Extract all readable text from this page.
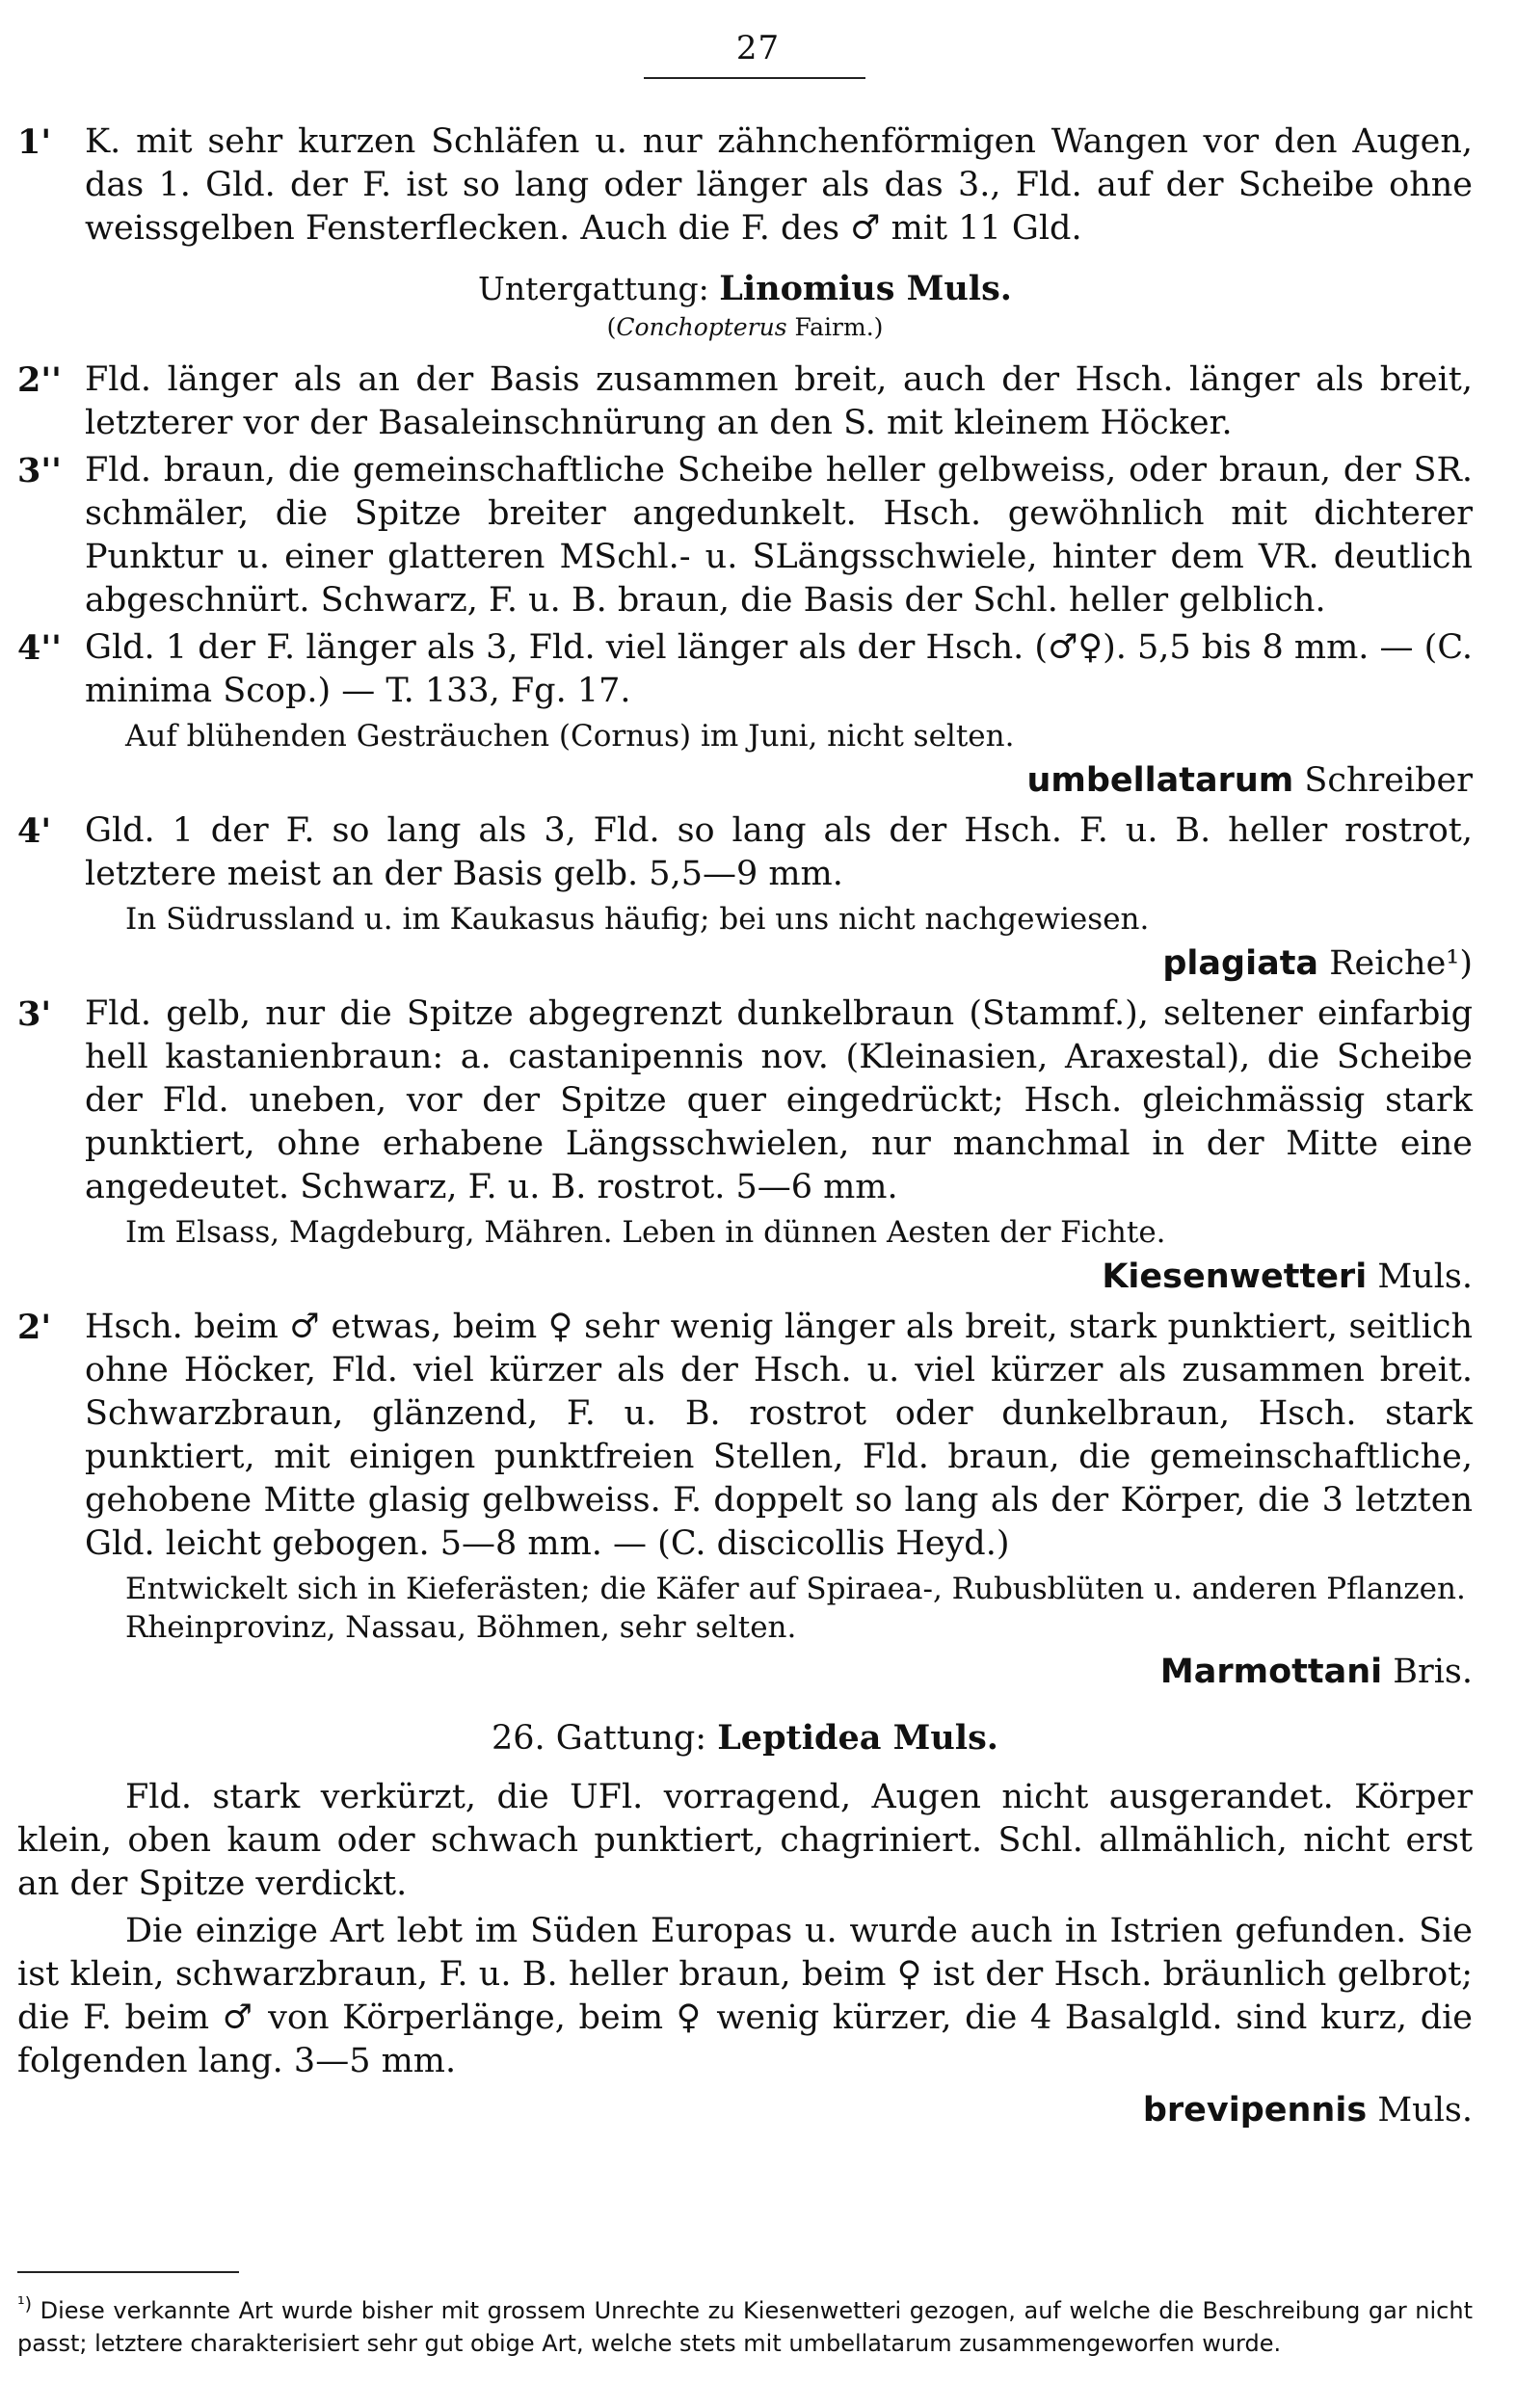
27
1' K. mit sehr kurzen Schläfen u. nur zähnchenförmigen Wangen vor den Augen, das 1. Gld. der F. ist so lang oder länger als das 3., Fld. auf der Scheibe ohne weissgelben Fensterflecken. Auch die F. des ♂ mit 11 Gld.
Untergattung: Linomius Muls.
(Conchopterus Fairm.)
2'' Fld. länger als an der Basis zusammen breit, auch der Hsch. länger als breit, letzterer vor der Basaleinschnürung an den S. mit kleinem Höcker.
3'' Fld. braun, die gemeinschaftliche Scheibe heller gelbweiss, oder braun, der SR. schmäler, die Spitze breiter angedunkelt. Hsch. gewöhnlich mit dichterer Punktur u. einer glatteren MSchl.- u. SLängsschwiele, hinter dem VR. deutlich abgeschnürt. Schwarz, F. u. B. braun, die Basis der Schl. heller gelblich.
4'' Gld. 1 der F. länger als 3, Fld. viel länger als der Hsch. (♂♀). 5,5 bis 8 mm. — (C. minima Scop.) — T. 133, Fg. 17.
Auf blühenden Gesträuchen (Cornus) im Juni, nicht selten.
umbellatarum Schreiber
4' Gld. 1 der F. so lang als 3, Fld. so lang als der Hsch. F. u. B. heller rostrot, letztere meist an der Basis gelb. 5,5—9 mm.
In Südrussland u. im Kaukasus häufig; bei uns nicht nachgewiesen.
plagiata Reiche¹)
3' Fld. gelb, nur die Spitze abgegrenzt dunkelbraun (Stammf.), seltener einfarbig hell kastanienbraun: a. castanipennis nov. (Kleinasien, Araxestal), die Scheibe der Fld. uneben, vor der Spitze quer eingedrückt; Hsch. gleichmässig stark punktiert, ohne erhabene Längsschwielen, nur manchmal in der Mitte eine angedeutet. Schwarz, F. u. B. rostrot. 5—6 mm.
Im Elsass, Magdeburg, Mähren. Leben in dünnen Aesten der Fichte.
Kiesenwetteri Muls.
2' Hsch. beim ♂ etwas, beim ♀ sehr wenig länger als breit, stark punktiert, seitlich ohne Höcker, Fld. viel kürzer als der Hsch. u. viel kürzer als zusammen breit. Schwarzbraun, glänzend, F. u. B. rostrot oder dunkelbraun, Hsch. stark punktiert, mit einigen punktfreien Stellen, Fld. braun, die gemeinschaftliche, gehobene Mitte glasig gelbweiss. F. doppelt so lang als der Körper, die 3 letzten Gld. leicht gebogen. 5—8 mm. — (C. discicollis Heyd.)
Entwickelt sich in Kieferästen; die Käfer auf Spiraea-, Rubusblüten u. anderen Pflanzen. Rheinprovinz, Nassau, Böhmen, sehr selten.
Marmottani Bris.
26. Gattung: Leptidea Muls.
Fld. stark verkürzt, die UFl. vorragend, Augen nicht ausgerandet. Körper klein, oben kaum oder schwach punktiert, chagriniert. Schl. allmählich, nicht erst an der Spitze verdickt.
Die einzige Art lebt im Süden Europas u. wurde auch in Istrien gefunden. Sie ist klein, schwarzbraun, F. u. B. heller braun, beim ♀ ist der Hsch. bräunlich gelbrot; die F. beim ♂ von Körperlänge, beim ♀ wenig kürzer, die 4 Basalgld. sind kurz, die folgenden lang. 3—5 mm.
brevipennis Muls.
$^{^1)}$ Diese verkannte Art wurde bisher mit grossem Unrechte zu Kiesenwetteri gezogen, auf welche die Beschreibung gar nicht passt; letztere charakterisiert sehr gut obige Art, welche stets mit umbellatarum zusammengeworfen wurde.
